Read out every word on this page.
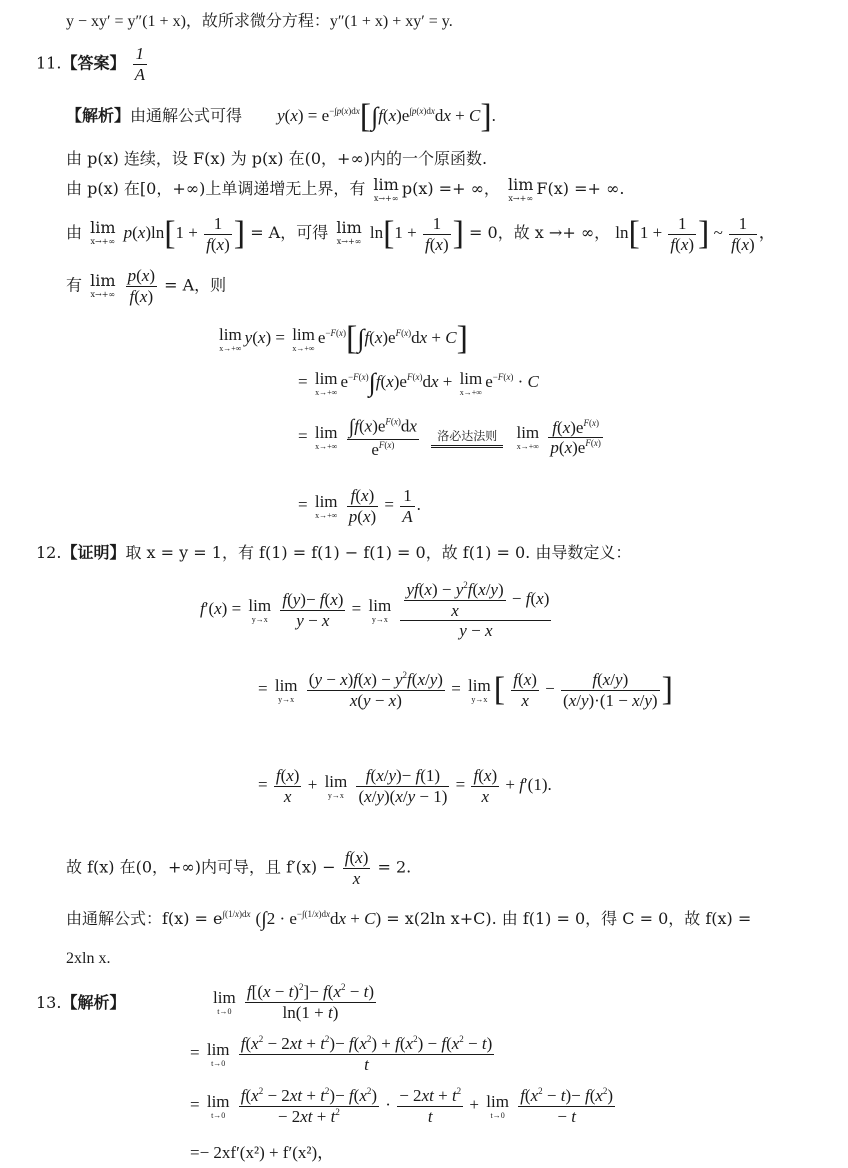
y − xy′ = y″(1 + x)，故所求微分方程：y″(1 + x) + xy′ = y.
11.【答案】 $\frac{1}{A}$
【解析】由通解公式可得 $y(x) = e^{-\int p(x)dx}[\int f(x)e^{\int p(x)dx}dx + C]$.
由 p(x) 连续，设 F(x) 为 p(x) 在(0，+∞)内的一个原函数.
由 p(x) 在[0，+∞)上单调递增无上界，有 lim
x→+∞ p(x) =+ ∞， lim
x→+∞ F(x) =+ ∞.
由 lim
x→+∞ $p(x)\ln[1 + \frac{1}{f(x)}$ ] = A，可得 lim
x→+∞ $\ln[1 + \frac{1}{f(x)}$ ] = 0，故 x →+ ∞， $\ln[1 + \frac{1}{f(x)}$ ] ~ $\frac{1}{f(x)}$ ，
有 lim
x→+∞
$\frac{p(x)}{f(x)} = A$，则
lim
x→+∞
y(x) = lim
x→+∞
$e^{-F(x)}[\int f(x)e^{F(x)}dx + C]$
= lim
x→+∞
$e^{-F(x)}\int f(x)e^{F(x)}dx + \lim$
x→+∞
$e^{-F(x)} \cdot C$
= lim
x→+∞
$\frac{\int f(x)e^{F(x)}dx}{e^{F(x)}}$
	洛必达法则	lim
x→+∞
$\frac{f(x)e^{F(x)}}{p(x)e^{F(x)}}$
= lim
x→+∞
$\frac{f(x)}{p(x)} = \frac{1}{A}$ .
12.【证明】取 x = y = 1，有 f(1) = f(1) − f(1) = 0，故 f(1) = 0. 由导数定义：
f′(x) = lim
y→x
$\frac{f(y)- f(x)}{y - x} = \lim$
y→x
$\frac{\frac{yf(x) - y^2f(x/y)}{x} - f(x)}{y - x}$
= lim
y→x
$\frac{(y - x)f(x) - y^2f(x/y)}{x(y - x)} = \lim$
y→x [ $\frac{f(x)}{x} - \frac{f(x/y)}{(x/y)\cdot(1 - x/y)}$ ]
= $\frac{f(x)}{x} + \lim$
y→x
$\frac{f(x/y)- f(1)}{(x/y)(x/y - 1)} = \frac{f(x)}{x} + f'(1)$.
故 f(x) 在(0，+∞)内可导，且 $f'(x) - \frac{f(x)}{x} = 2$.
由通解公式：$f(x) = e^{\int(1/x)dx}$ $(\int 2 \cdot e^{-\int(1/x)dx}dx + C) = x(2\ln$ x+C). 由 f(1) = 0，得 C = 0，故 f(x) =
2xln x.
13.【解析】	lim
t→0
$\frac{f[(x - t)^2]- f(x^2 - t)}{\ln(1 + t)}$
= lim
t→0
$\frac{f(x^2 - 2xt + t^2)- f(x^2) + f(x^2) - f(x^2 - t)}{t}$
= lim
t→0
$\frac{f(x^2 - 2xt + t^2)- f(x^2)}{- 2xt + t^2} \cdot \frac{- 2xt + t^2}{t} + \lim$
t→0
$\frac{f(x^2 - t)- f(x^2)}{- t}$
=− 2xf′(x²) + f′(x²)，
